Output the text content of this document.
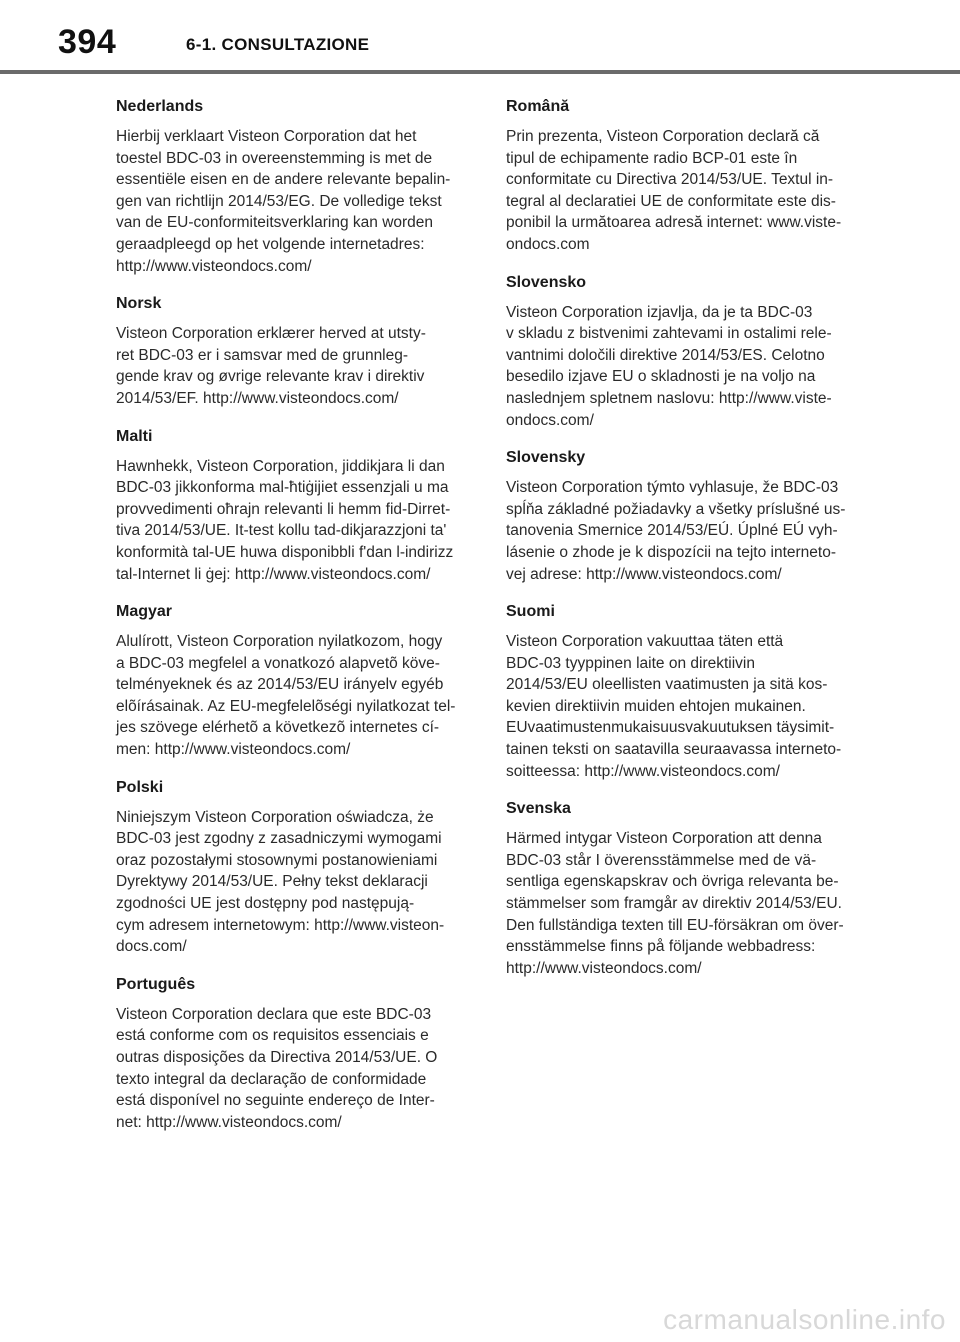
394	6-1. CONSULTAZIONE
Nederlands

Hierbij verklaart Visteon Corporation dat het
toestel BDC-03 in overeenstemming is met de
essentiële eisen en de andere relevante bepalin-
gen van richtlijn 2014/53/EG. De volledige tekst
van de EU-conformiteitsverklaring kan worden
geraadpleegd op het volgende internetadres:
http://www.visteondocs.com/

Norsk

Visteon Corporation erklærer herved at utsty-
ret BDC-03 er i samsvar med de grunnleg-
gende krav og øvrige relevante krav i direktiv
2014/53/EF. http://www.visteondocs.com/

Malti

Hawnhekk, Visteon Corporation, jiddikjara li dan
BDC-03 jikkonforma mal-ħtiġijiet essenzjali u ma
provvedimenti oħrajn relevanti li hemm fid-Dirret-
tiva 2014/53/UE. It-test kollu tad-dikjarazzjoni ta'
konformità tal-UE huwa disponibbli f'dan l-indirizz
tal-Internet li ġej: http://www.visteondocs.com/

Magyar

Alulírott, Visteon Corporation nyilatkozom, hogy
a BDC-03 megfelel a vonatkozó alapvetõ köve-
telményeknek és az 2014/53/EU irányelv egyéb
elõírásainak. Az EU-megfelelõségi nyilatkozat tel-
jes szövege elérhetõ a következõ internetes cí-
men: http://www.visteondocs.com/

Polski

Niniejszym Visteon Corporation oświadcza, że
BDC-03 jest zgodny z zasadniczymi wymogami
oraz pozostałymi stosownymi postanowieniami
Dyrektywy 2014/53/UE. Pełny tekst deklaracji
zgodności UE jest dostępny pod następują-
cym adresem internetowym: http://www.visteon-
docs.com/

Português

Visteon Corporation declara que este BDC-03
está conforme com os requisitos essenciais e
outras disposições da Directiva 2014/53/UE. O
texto integral da declaração de conformidade
está disponível no seguinte endereço de Inter-
net: http://www.visteondocs.com/

Română

Prin prezenta, Visteon Corporation declară că
tipul de echipamente radio BCP-01 este în
conformitate cu Directiva 2014/53/UE. Textul in-
tegral al declaratiei UE de conformitate este dis-
ponibil la următoarea adresă internet: www.viste-
ondocs.com

Slovensko

Visteon Corporation izjavlja, da je ta BDC-03
v skladu z bistvenimi zahtevami in ostalimi rele-
vantnimi določili direktive 2014/53/ES. Celotno
besedilo izjave EU o skladnosti je na voljo na
naslednjem spletnem naslovu: http://www.viste-
ondocs.com/

Slovensky

Visteon Corporation týmto vyhlasuje, že BDC-03
spĺňa základné požiadavky a všetky príslušné us-
tanovenia Smernice 2014/53/EÚ. Úplné EÚ vyh-
lásenie o zhode je k dispozícii na tejto interneto-
vej adrese: http://www.visteondocs.com/

Suomi

Visteon Corporation vakuuttaa täten että
BDC-03 tyyppinen laite on direktiivin
2014/53/EU oleellisten vaatimusten ja sitä kos-
kevien direktiivin muiden ehtojen mukainen.
EUvaatimustenmukaisuusvakuutuksen täysimit-
tainen teksti on saatavilla seuraavassa interneto-
soitteessa: http://www.visteondocs.com/

Svenska

Härmed intygar Visteon Corporation att denna
BDC-03 står I överensstämmelse med de vä-
sentliga egenskapskrav och övriga relevanta be-
stämmelser som framgår av direktiv 2014/53/EU.
Den fullständiga texten till EU-försäkran om över-
ensstämmelse finns på följande webbadress:
http://www.visteondocs.com/

carmanualsonline.info
